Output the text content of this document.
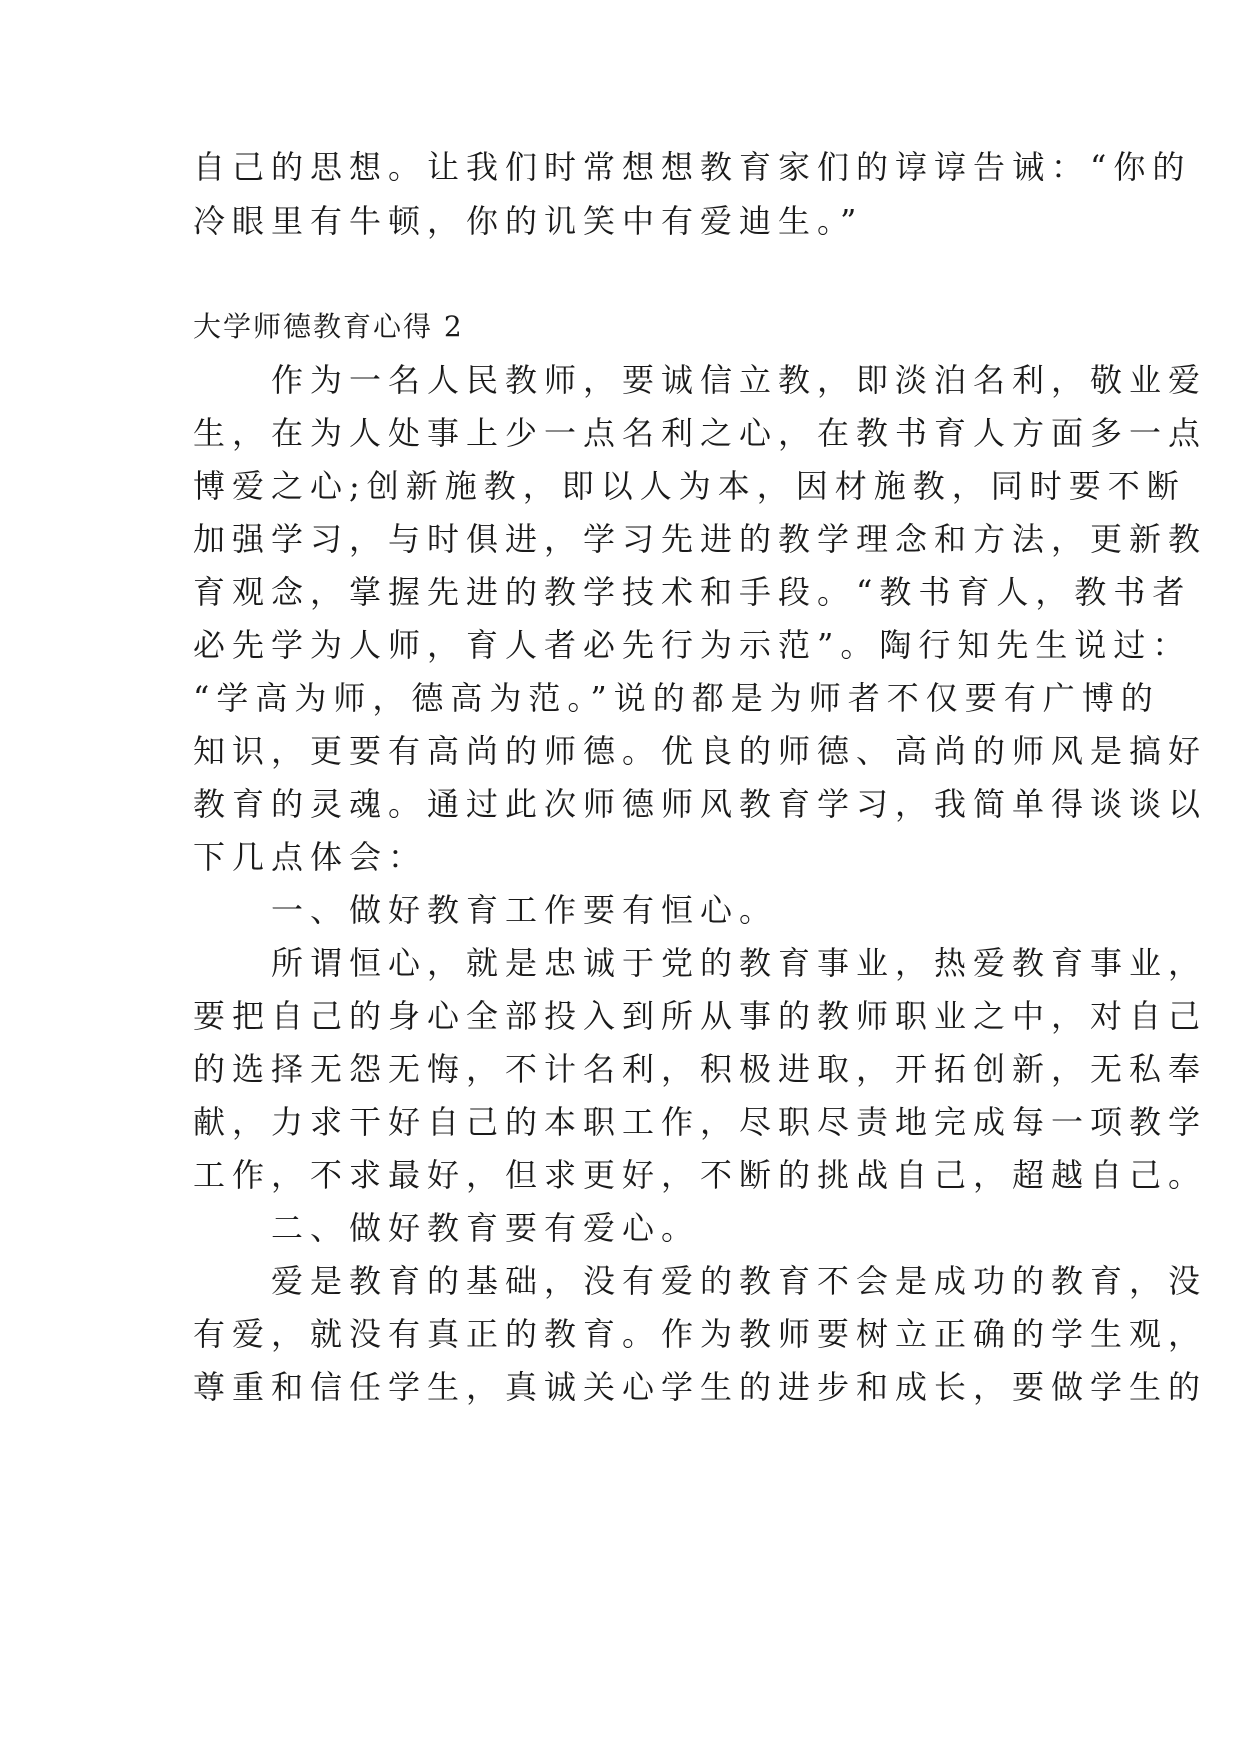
自己的思想。让我们时常想想教育家们的谆谆告诫：“你的
冷眼里有牛顿，你的讥笑中有爱迪生。”
大学师德教育心得 2
　　作为一名人民教师，要诚信立教，即淡泊名利，敬业爱
生，在为人处事上少一点名利之心，在教书育人方面多一点
博爱之心;创新施教，即以人为本，因材施教，同时要不断
加强学习，与时俱进，学习先进的教学理念和方法，更新教
育观念，掌握先进的教学技术和手段。“教书育人，教书者
必先学为人师，育人者必先行为示范”。陶行知先生说过：
“学高为师，德高为范。”说的都是为师者不仅要有广博的
知识，更要有高尚的师德。优良的师德、高尚的师风是搞好
教育的灵魂。通过此次师德师风教育学习，我简单得谈谈以
下几点体会：
　　一、做好教育工作要有恒心。
　　所谓恒心，就是忠诚于党的教育事业，热爱教育事业，
要把自己的身心全部投入到所从事的教师职业之中，对自己
的选择无怨无悔，不计名利，积极进取，开拓创新，无私奉
献，力求干好自己的本职工作，尽职尽责地完成每一项教学
工作，不求最好，但求更好，不断的挑战自己，超越自己。
　　二、做好教育要有爱心。
　　爱是教育的基础，没有爱的教育不会是成功的教育，没
有爱，就没有真正的教育。作为教师要树立正确的学生观，
尊重和信任学生，真诚关心学生的进步和成长，要做学生的
